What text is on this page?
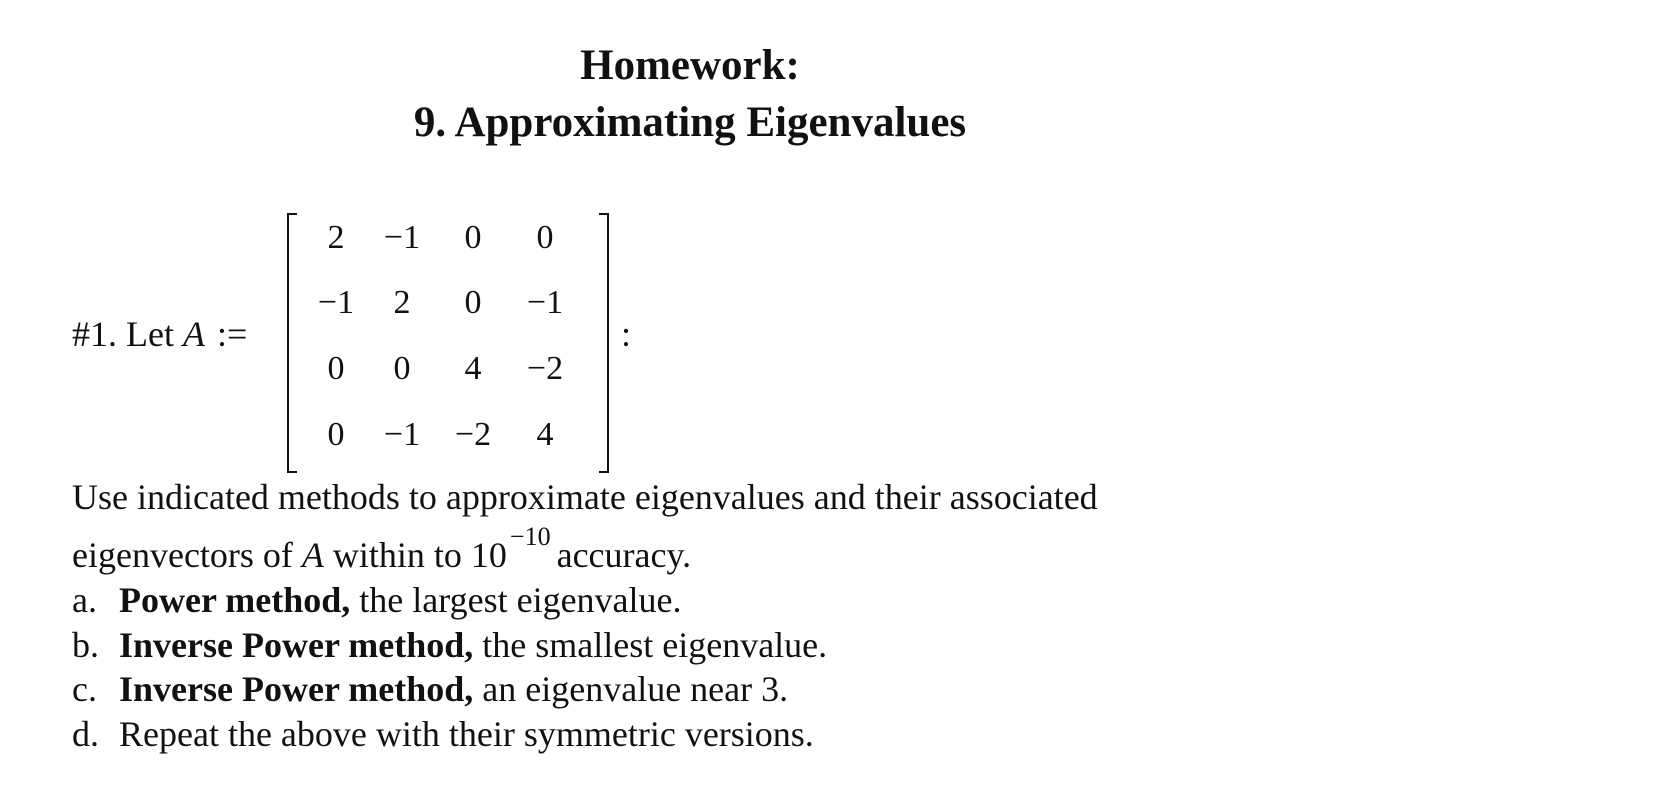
Homework:
9. Approximating Eigenvalues
#1. Let A :=
2 −1 0 0
−1 2 0 −1
0 0 4 −2
0 −1 −2 4
:
Use indicated methods to approximate eigenvalues and their associated
eigenvectors of A within to 10 $^{-10}$ accuracy.
a. Power method, the largest eigenvalue.
b. Inverse Power method, the smallest eigenvalue.
c. Inverse Power method, an eigenvalue near 3.
d. Repeat the above with their symmetric versions.
